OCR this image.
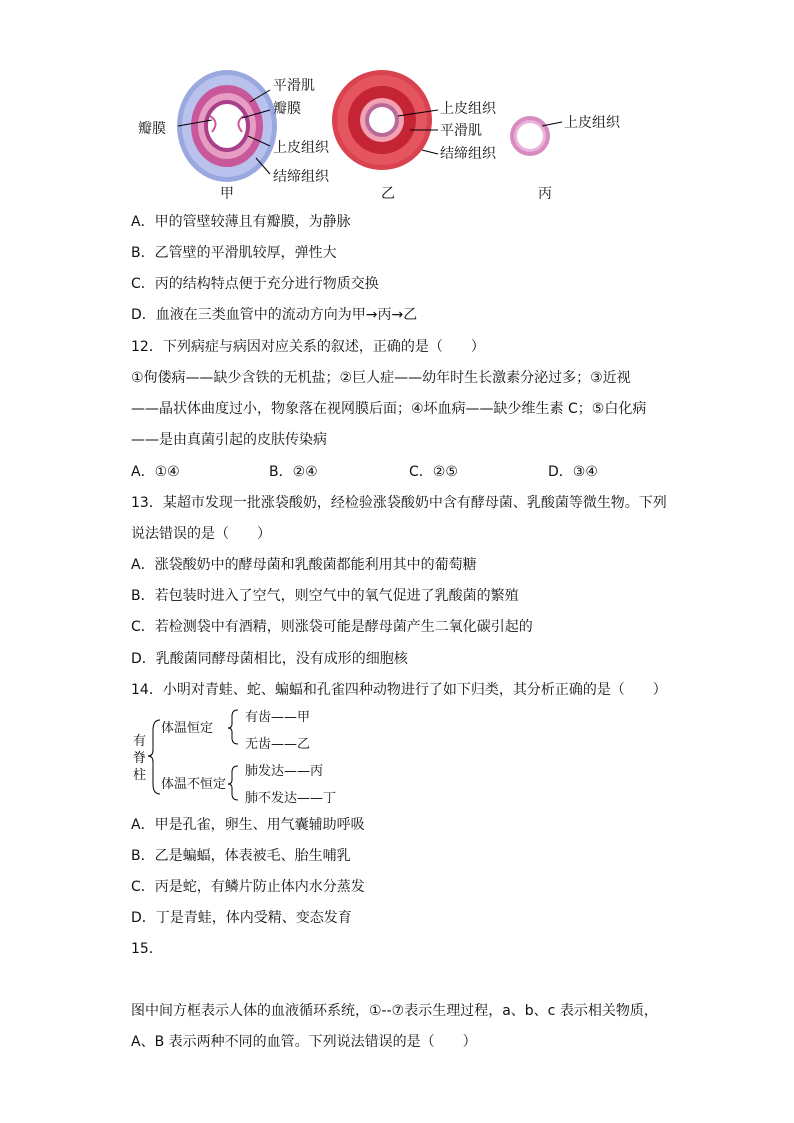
平滑肌
瓣膜
瓣膜
上皮组织
结缔组织
上皮组织
平滑肌
结缔组织
上皮组织
甲	乙	丙
A．甲的管壁较薄且有瓣膜，为静脉
B．乙管壁的平滑肌较厚，弹性大
C．丙的结构特点便于充分进行物质交换
D．血液在三类血管中的流动方向为甲→丙→乙
12．下列病症与病因对应关系的叙述，正确的是（　　）
①佝偻病——缺少含铁的无机盐；②巨人症——幼年时生长激素分泌过多；③近视
——晶状体曲度过小，物象落在视网膜后面；④坏血病——缺少维生素 C；⑤白化病
——是由真菌引起的皮肤传染病
A．①④	B．②④	C．②⑤	D．③④
13．某超市发现一批涨袋酸奶，经检验涨袋酸奶中含有酵母菌、乳酸菌等微生物。下列
说法错误的是（　　）
A．涨袋酸奶中的酵母菌和乳酸菌都能利用其中的葡萄糖
B．若包装时进入了空气，则空气中的氧气促进了乳酸菌的繁殖
C．若检测袋中有酒精，则涨袋可能是酵母菌产生二氧化碳引起的
D．乳酸菌同酵母菌相比，没有成形的细胞核
14．小明对青蛙、蛇、蝙蝠和孔雀四种动物进行了如下归类，其分析正确的是（　　）
有
脊
柱
体温恒定
体温不恒定
有齿——甲
无齿——乙
肺发达——丙
肺不发达——丁
A．甲是孔雀，卵生、用气囊辅助呼吸
B．乙是蝙蝠，体表被毛、胎生哺乳
C．丙是蛇，有鳞片防止体内水分蒸发
D．丁是青蛙，体内受精、变态发育
15．
图中间方框表示人体的血液循环系统，①--⑦表示生理过程，a、b、c 表示相关物质，
A、B 表示两种不同的血管。下列说法错误的是（　　）
